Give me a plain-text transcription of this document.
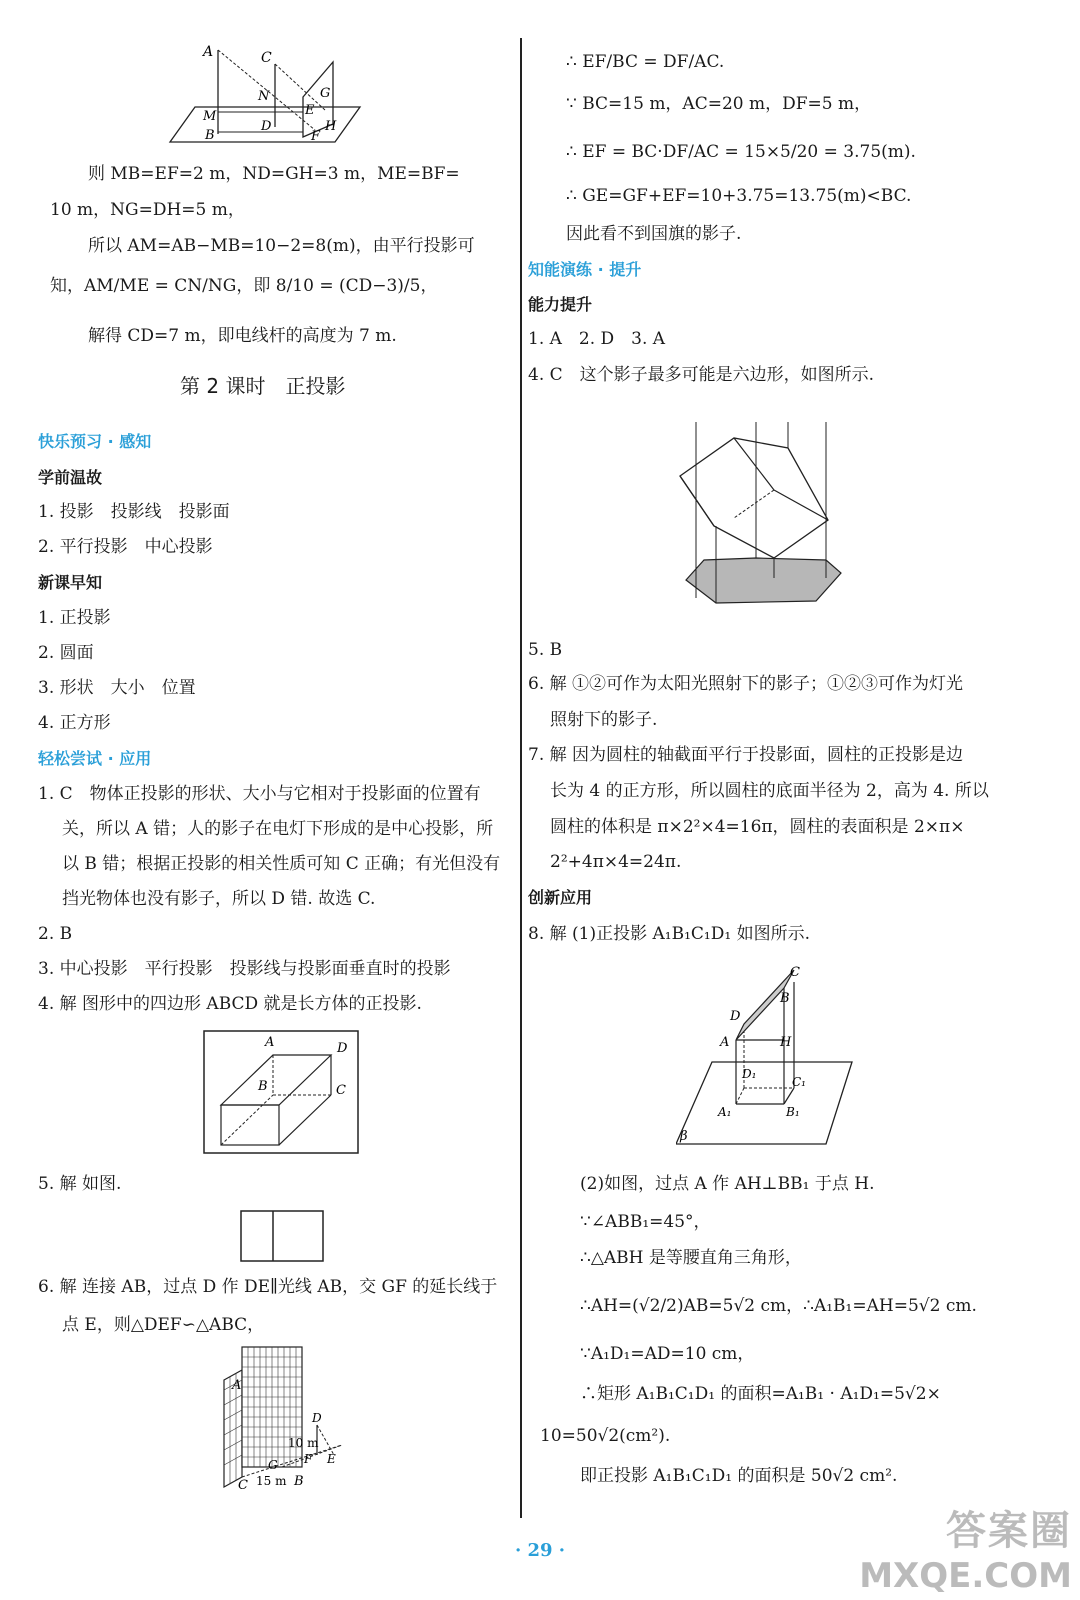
A	C
N	G
M
D
E
B	F
H
则 MB=EF=2 m，ND=GH=3 m，ME=BF=
10 m，NG=DH=5 m，
所以 AM=AB−MB=10−2=8(m)，由平行投影可
知，AM/ME = CN/NG，即 8/10 = (CD−3)/5，
解得 CD=7 m，即电线杆的高度为 7 m.
第 2 课时　正投影
快乐预习 · 感知
学前温故
1. 投影　投影线　投影面
2. 平行投影　中心投影
新课早知
1. 正投影
2. 圆面
3. 形状　大小　位置
4. 正方形
轻松尝试 · 应用
1. C　物体正投影的形状、大小与它相对于投影面的位置有
关，所以 A 错；人的影子在电灯下形成的是中心投影，所
以 B 错；根据正投影的相关性质可知 C 正确；有光但没有
挡光物体也没有影子，所以 D 错. 故选 C.
2. B
3. 中心投影　平行投影　投影线与投影面垂直时的投影
4. 解 图形中的四边形 ABCD 就是长方体的正投影.
A	D
B	C
5. 解 如图.
6. 解 连接 AB，过点 D 作 DE∥光线 AB，交 GF 的延长线于
点 E，则△DEF∽△ABC，
A
D
10 m
G F E
C 15 m B
∴ EF/BC = DF/AC.
∵ BC=15 m，AC=20 m，DF=5 m，
∴ EF = BC·DF/AC = 15×5/20 = 3.75(m).
∴ GE=GF+EF=10+3.75=13.75(m)<BC.
因此看不到国旗的影子.
知能演练 · 提升
能力提升
1. A　2. D　3. A
4. C　这个影子最多可能是六边形，如图所示.
5. B
6. 解 ①②可作为太阳光照射下的影子；①②③可作为灯光
照射下的影子.
7. 解 因为圆柱的轴截面平行于投影面，圆柱的正投影是边
长为 4 的正方形，所以圆柱的底面半径为 2，高为 4. 所以
圆柱的体积是 π×2²×4=16π，圆柱的表面积是 2×π×
2²+4π×4=24π.
创新应用
8. 解 (1)正投影 A₁B₁C₁D₁ 如图所示.
C
B
D
A	H
D₁
C₁
A₁	B₁
β
(2)如图，过点 A 作 AH⊥BB₁ 于点 H.
∵∠ABB₁=45°，
∴△ABH 是等腰直角三角形，
∴AH=(√2/2)AB=5√2 cm，∴A₁B₁=AH=5√2 cm.
∵A₁D₁=AD=10 cm，
∴矩形 A₁B₁C₁D₁ 的面积=A₁B₁ · A₁D₁=5√2×
10=50√2(cm²).
即正投影 A₁B₁C₁D₁ 的面积是 50√2 cm².
· 29 ·	答案圈
MXQE.COM
